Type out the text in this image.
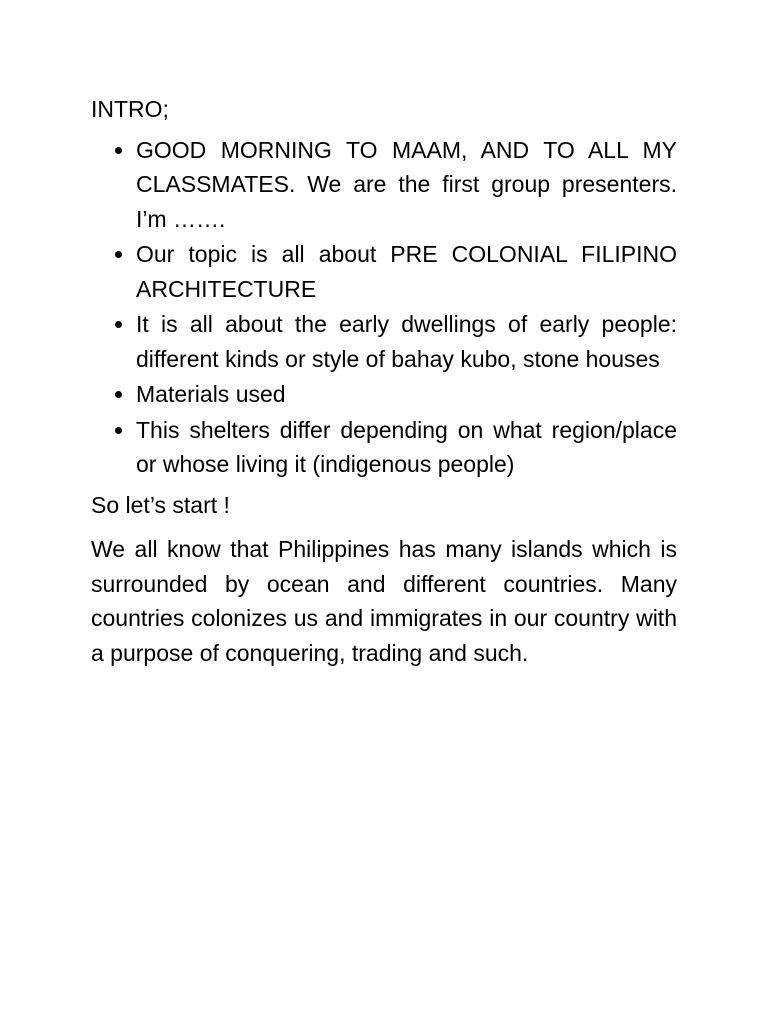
INTRO;

GOOD MORNING TO MAAM, AND TO ALL MY CLASSMATES. We are the first group presenters. I’m …….
Our topic is all about PRE COLONIAL FILIPINO ARCHITECTURE
It is all about the early dwellings of early people: different kinds or style of bahay kubo, stone houses
Materials used
This shelters differ depending on what region/place or whose living it (indigenous people)

So let’s start !

We all know that Philippines has many islands which is surrounded by ocean and different countries. Many countries colonizes us and immigrates in our country with a purpose of conquering, trading and such.
